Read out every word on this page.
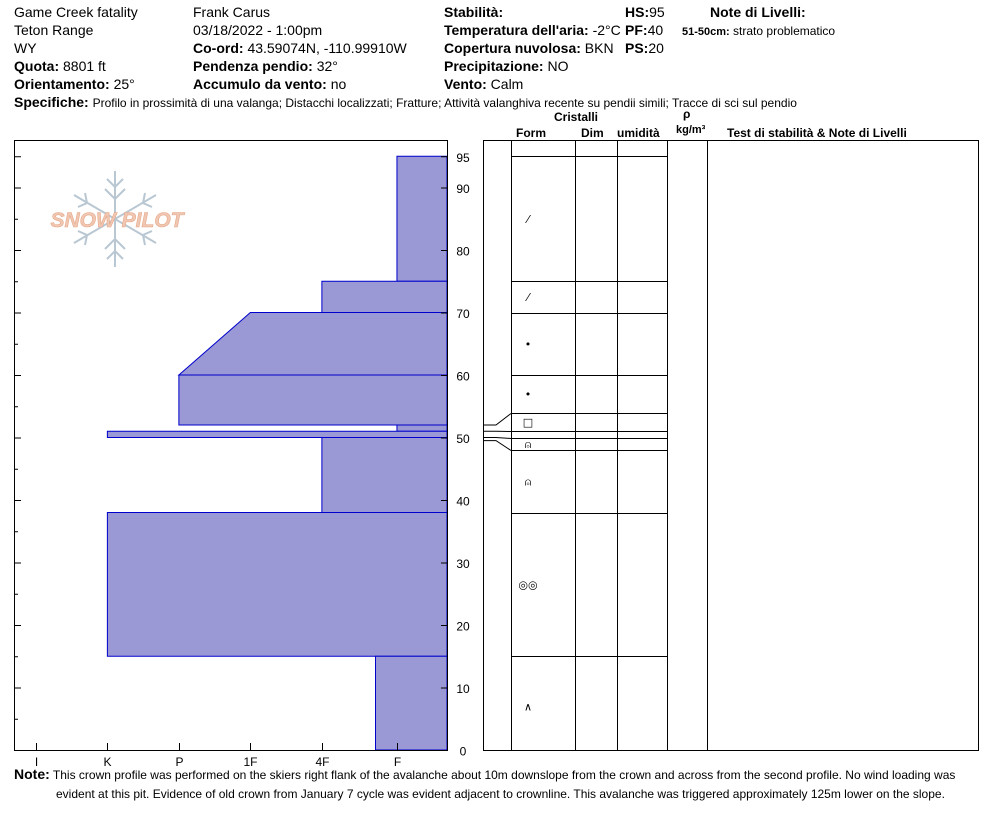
Game Creek fatality
Teton Range
WY
Quota: 8801 ft
Orientamento: 25°
Frank Carus
03/18/2022 - 1:00pm
Co-ord: 43.59074N, -110.99910W
Pendenza pendio: 32°
Accumulo da vento: no
Stabilità:
Temperatura dell'aria: -2°C
Copertura nuvolosa: BKN
Precipitazione: NO
Vento: Calm
HS:95
PF:40
PS:20
Note di Livelli:
51-50cm: strato problematico
Specifiche: Profilo in prossimità di una valanga; Distacchi localizzati; Fratture; Attività valanghiva recente su pendii simili; Tracce di sci sul pendio
Cristalli
Form	Dim umidità
ρ
kg/m³ Test di stabilità & Note di Livelli
0
10
20
30
40
50
60
70
80
90
95
I	K	P	1F	4F	F
⁄
⁄
•
•
□
⍝
⍝
◎◎
∧
SNOW PILOT
Note: This crown profile was performed on the skiers right flank of the avalanche about 10m downslope from the crown and across from the second profile. No wind loading was
evident at this pit. Evidence of old crown from January 7 cycle was evident adjacent to crownline. This avalanche was triggered approximately 125m lower on the slope.
